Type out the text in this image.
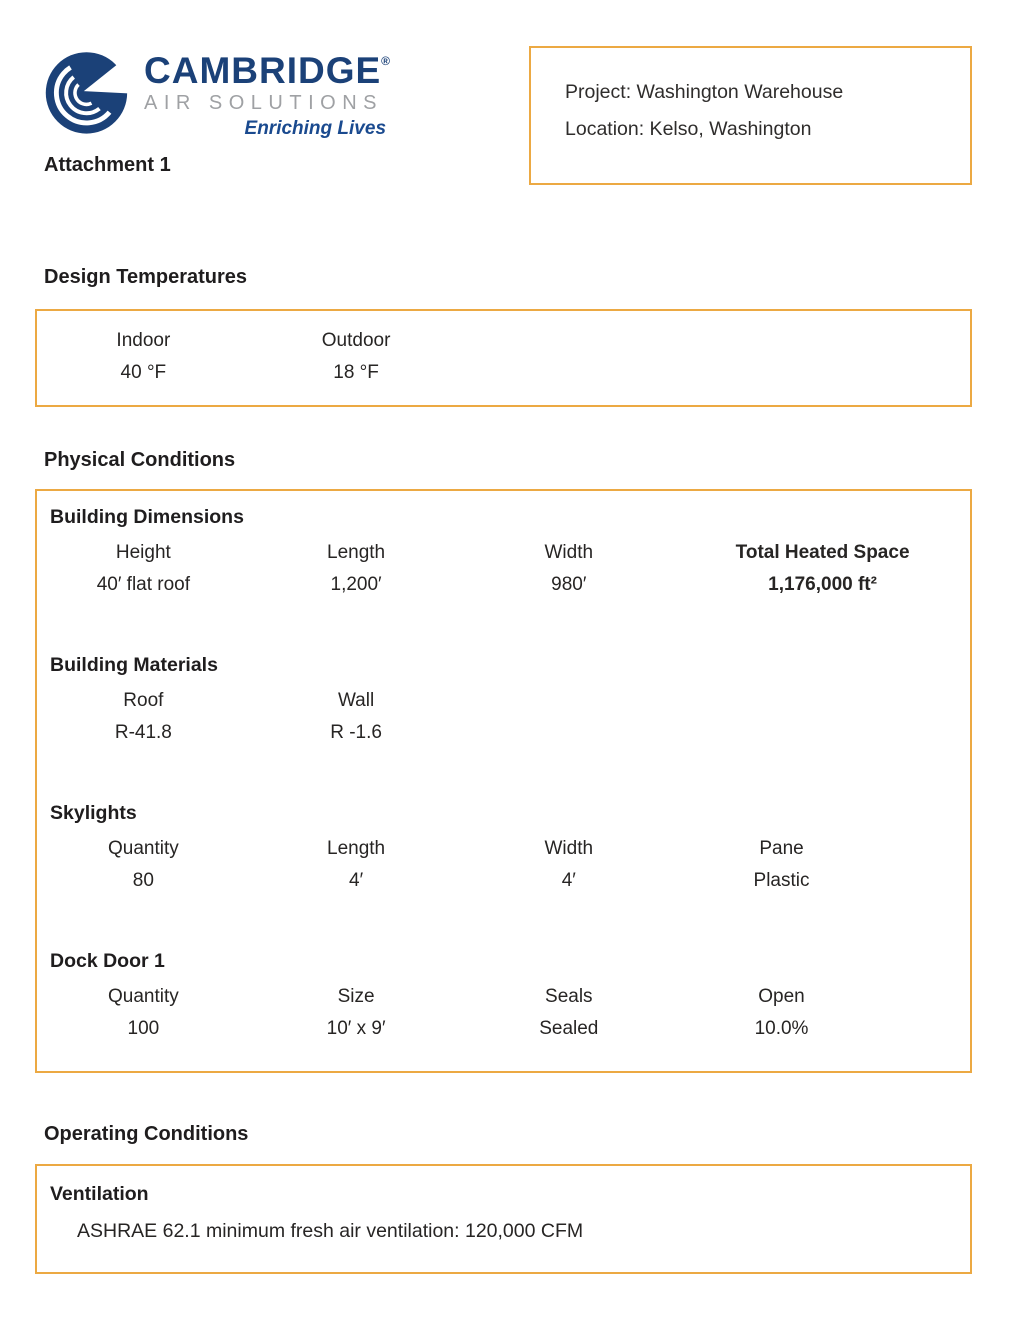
CAMBRIDGE®
AIR SOLUTIONS
Enriching Lives
Attachment 1
Project: Washington Warehouse
Location: Kelso, Washington
Design Temperatures
Indoor
40 °F
Outdoor
18 °F
Physical Conditions
Building Dimensions
Height
40′ flat roof
Length
1,200′
Width
980′
Total Heated Space
1,176,000 ft²
Building Materials
Roof
R-41.8
Wall
R -1.6
Skylights
Quantity
80
Length
4′
Width
4′
Pane
Plastic
Dock Door 1
Quantity
100
Size
10′ x 9′
Seals
Sealed
Open
10.0%
Operating Conditions
Ventilation
ASHRAE 62.1 minimum fresh air ventilation: 120,000 CFM
